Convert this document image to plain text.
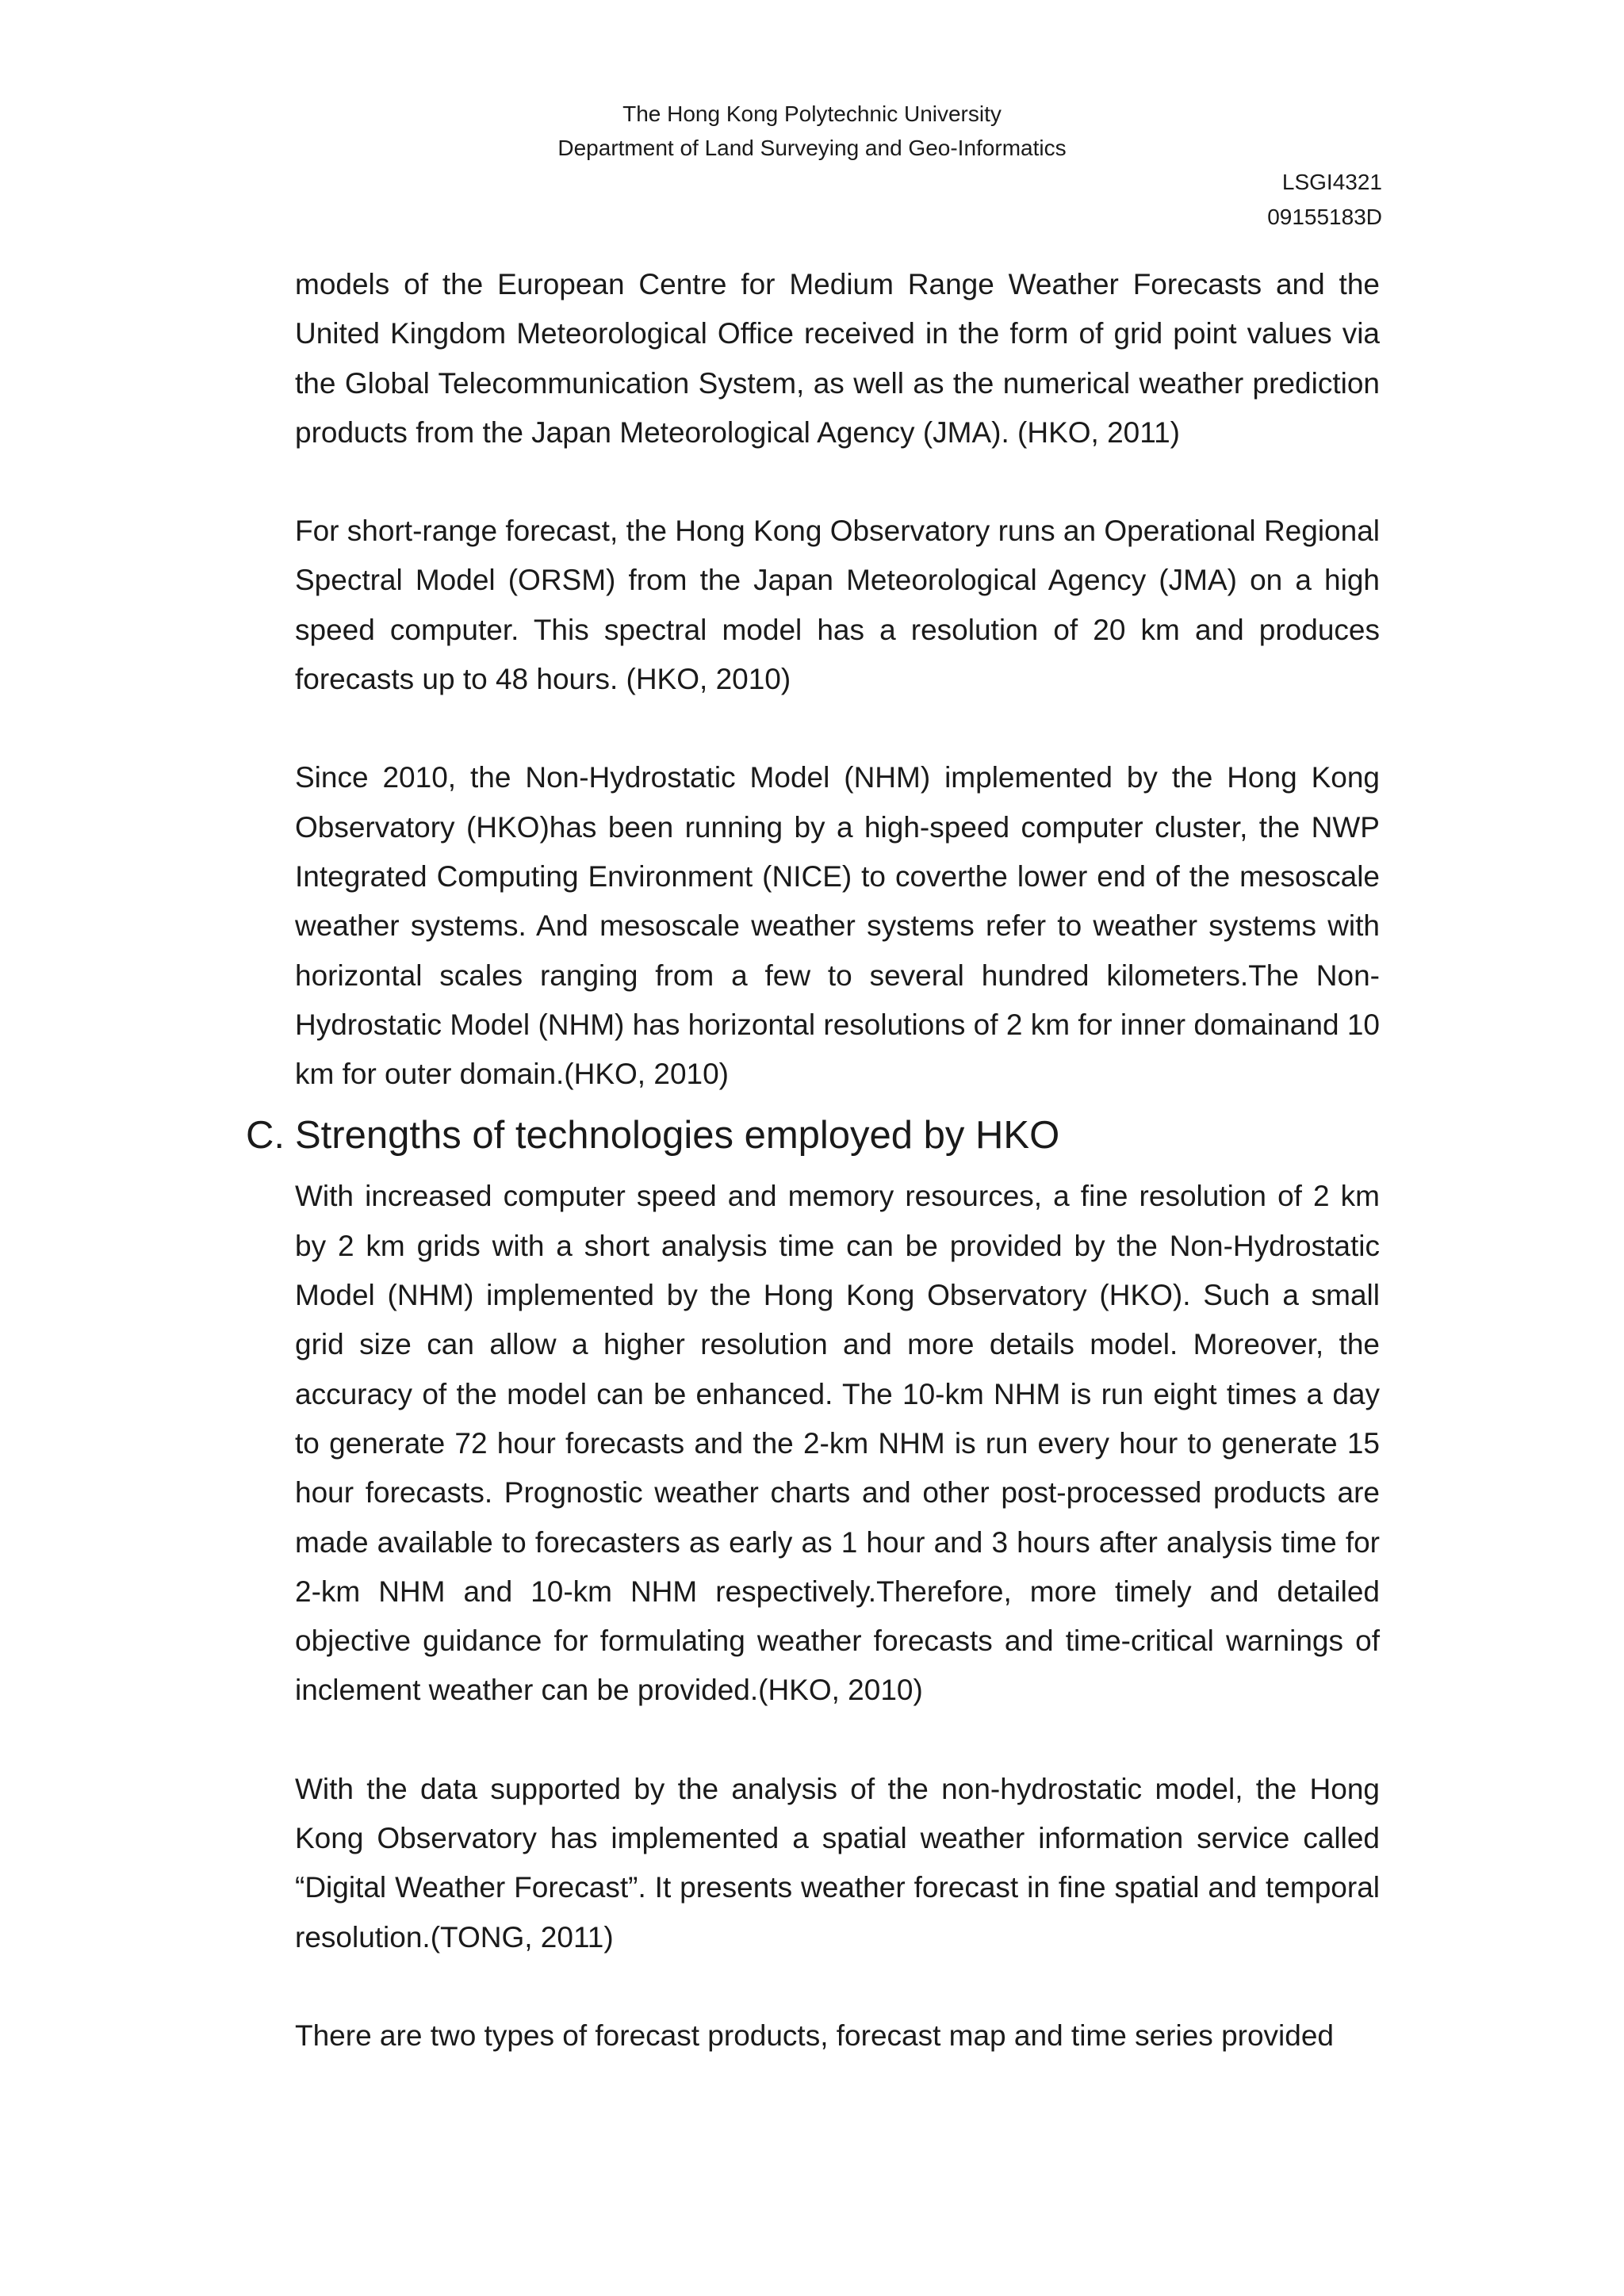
The Hong Kong Polytechnic University
Department of Land Surveying and Geo-Informatics
LSGI4321
09155183D

models of the European Centre for Medium Range Weather Forecasts and the United Kingdom Meteorological Office received in the form of grid point values via the Global Telecommunication System, as well as the numerical weather prediction products from the Japan Meteorological Agency (JMA). (HKO, 2011)

For short-range forecast, the Hong Kong Observatory runs an Operational Regional Spectral Model (ORSM) from the Japan Meteorological Agency (JMA) on a high speed computer. This spectral model has a resolution of 20 km and produces forecasts up to 48 hours. (HKO, 2010)

Since 2010, the Non-Hydrostatic Model (NHM) implemented by the Hong Kong Observatory (HKO)has been running by a high-speed computer cluster, the NWP Integrated Computing Environment (NICE) to coverthe lower end of the mesoscale weather systems. And mesoscale weather systems refer to weather systems with horizontal scales ranging from a few to several hundred kilometers.The Non-Hydrostatic Model (NHM) has horizontal resolutions of 2 km for inner domainand 10 km for outer domain.(HKO, 2010)

C. Strengths of technologies employed by HKO

With increased computer speed and memory resources, a fine resolution of 2 km by 2 km grids with a short analysis time can be provided by the Non-Hydrostatic Model (NHM) implemented by the Hong Kong Observatory (HKO). Such a small grid size can allow a higher resolution and more details model. Moreover, the accuracy of the model can be enhanced. The 10-km NHM is run eight times a day to generate 72 hour forecasts and the 2-km NHM is run every hour to generate 15 hour forecasts. Prognostic weather charts and other post-processed products are made available to forecasters as early as 1 hour and 3 hours after analysis time for 2-km NHM and 10-km NHM respectively.Therefore, more timely and detailed objective guidance for formulating weather forecasts and time-critical warnings of inclement weather can be provided.(HKO, 2010)

With the data supported by the analysis of the non-hydrostatic model, the Hong Kong Observatory has implemented a spatial weather information service called “Digital Weather Forecast”. It presents weather forecast in fine spatial and temporal resolution.(TONG, 2011)

There are two types of forecast products, forecast map and time series provided
